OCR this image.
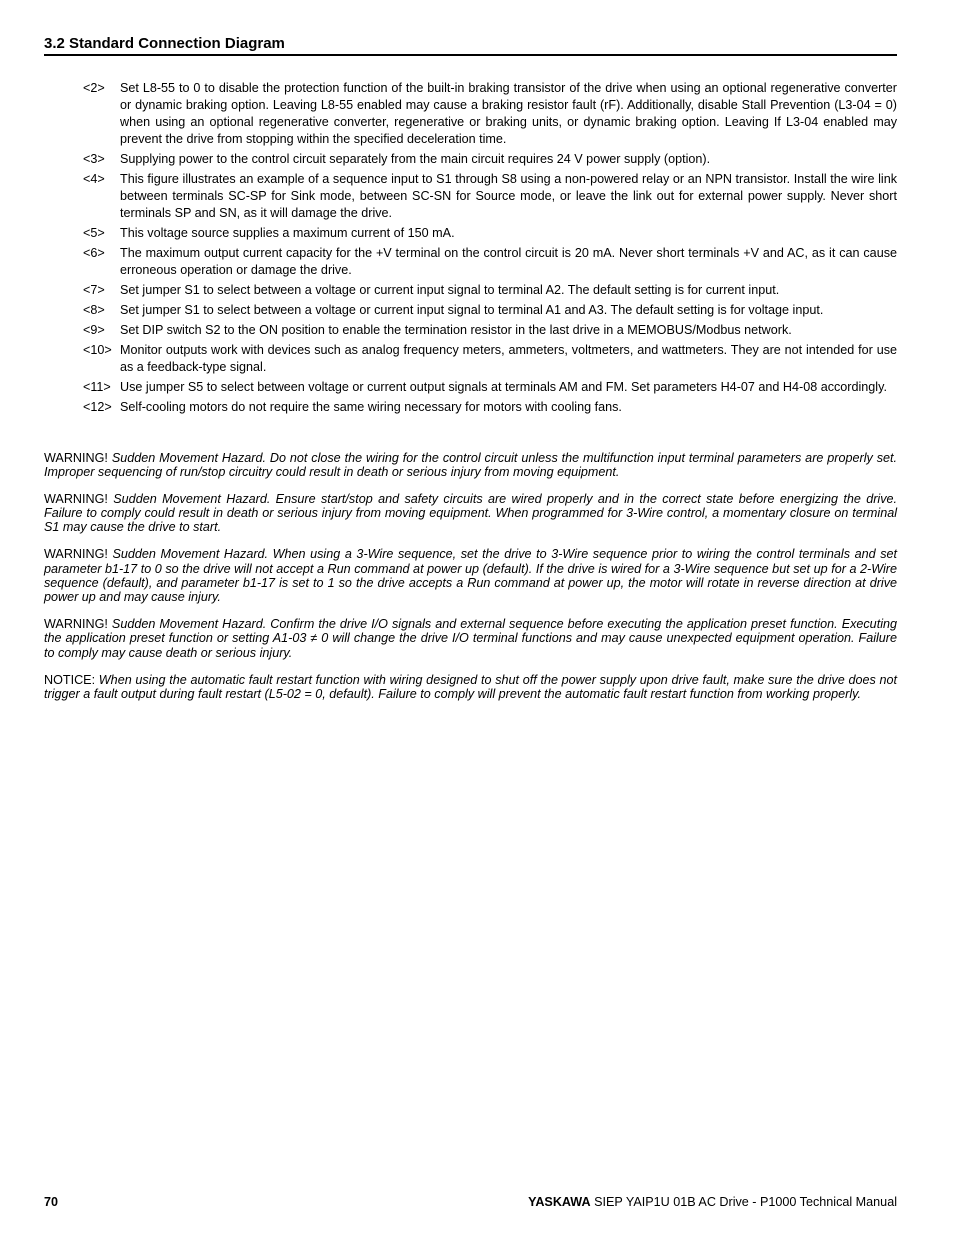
3.2 Standard Connection Diagram
<2>	Set L8-55 to 0 to disable the protection function of the built-in braking transistor of the drive when using an optional regenerative converter or dynamic braking option. Leaving L8-55 enabled may cause a braking resistor fault (rF). Additionally, disable Stall Prevention (L3-04 = 0) when using an optional regenerative converter, regenerative or braking units, or dynamic braking option. Leaving If L3-04 enabled may prevent the drive from stopping within the specified deceleration time.
<3>	Supplying power to the control circuit separately from the main circuit requires 24 V power supply (option).
<4>	This figure illustrates an example of a sequence input to S1 through S8 using a non-powered relay or an NPN transistor. Install the wire link between terminals SC-SP for Sink mode, between SC-SN for Source mode, or leave the link out for external power supply. Never short terminals SP and SN, as it will damage the drive.
<5>	This voltage source supplies a maximum current of 150 mA.
<6>	The maximum output current capacity for the +V terminal on the control circuit is 20 mA. Never short terminals +V and AC, as it can cause erroneous operation or damage the drive.
<7>	Set jumper S1 to select between a voltage or current input signal to terminal A2. The default setting is for current input.
<8>	Set jumper S1 to select between a voltage or current input signal to terminal A1 and A3. The default setting is for voltage input.
<9>	Set DIP switch S2 to the ON position to enable the termination resistor in the last drive in a MEMOBUS/Modbus network.
<10> Monitor outputs work with devices such as analog frequency meters, ammeters, voltmeters, and wattmeters. They are not intended for use as a feedback-type signal.
<11> Use jumper S5 to select between voltage or current output signals at terminals AM and FM. Set parameters H4-07 and H4-08 accordingly.
<12> Self-cooling motors do not require the same wiring necessary for motors with cooling fans.

WARNING! Sudden Movement Hazard. Do not close the wiring for the control circuit unless the multifunction input terminal parameters are properly set. Improper sequencing of run/stop circuitry could result in death or serious injury from moving equipment.

WARNING! Sudden Movement Hazard. Ensure start/stop and safety circuits are wired properly and in the correct state before energizing the drive. Failure to comply could result in death or serious injury from moving equipment. When programmed for 3-Wire control, a momentary closure on terminal S1 may cause the drive to start.

WARNING! Sudden Movement Hazard. When using a 3-Wire sequence, set the drive to 3-Wire sequence prior to wiring the control terminals and set parameter b1-17 to 0 so the drive will not accept a Run command at power up (default). If the drive is wired for a 3-Wire sequence but set up for a 2-Wire sequence (default), and parameter b1-17 is set to 1 so the drive accepts a Run command at power up, the motor will rotate in reverse direction at drive power up and may cause injury.

WARNING! Sudden Movement Hazard. Confirm the drive I/O signals and external sequence before executing the application preset function. Executing the application preset function or setting A1-03 ≠ 0 will change the drive I/O terminal functions and may cause unexpected equipment operation. Failure to comply may cause death or serious injury.

NOTICE: When using the automatic fault restart function with wiring designed to shut off the power supply upon drive fault, make sure the drive does not trigger a fault output during fault restart (L5-02 = 0, default). Failure to comply will prevent the automatic fault restart function from working properly.

70	YASKAWA SIEP YAIP1U 01B AC Drive - P1000 Technical Manual
